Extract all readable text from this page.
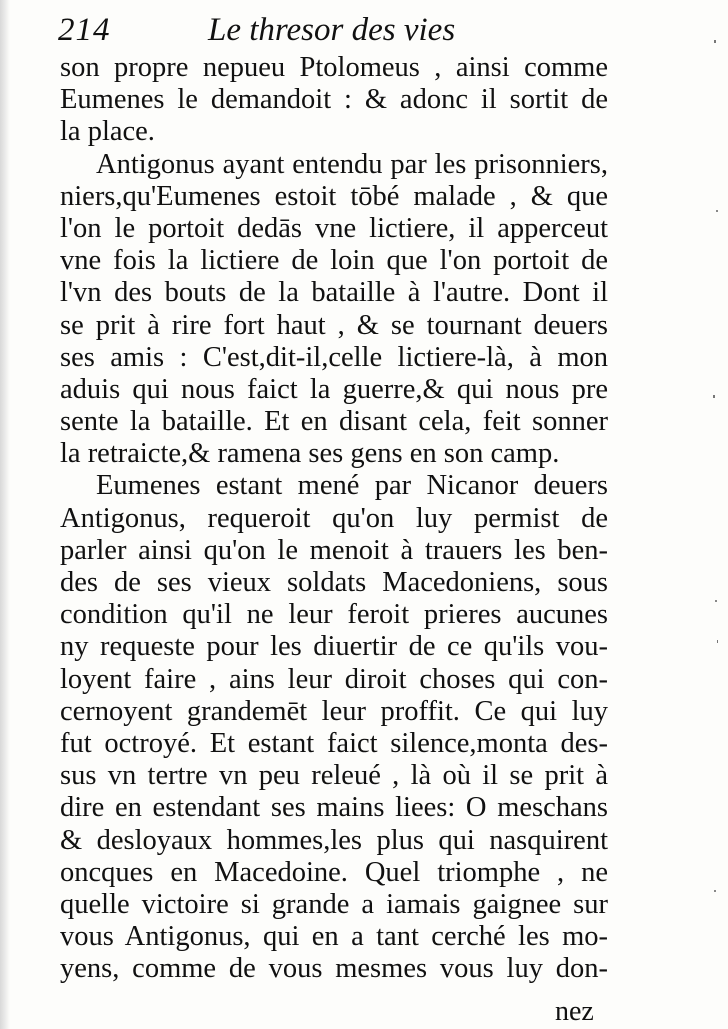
214	Le thresor des vies
son propre nepueu Ptolomeus , ainsi comme
Eumenes le demandoit : & adonc il sortit de
la place.
Antigonus ayant entendu par les prisonniers,
niers,qu'Eumenes estoit tōbé malade , & que
l'on le portoit dedās vne lictiere, il apperceut
vne fois la lictiere de loin que l'on portoit de
l'vn des bouts de la bataille à l'autre. Dont il
se prit à rire fort haut , & se tournant deuers
ses amis : C'est,dit-il,celle lictiere-là, à mon
aduis qui nous faict la guerre,& qui nous pre
sente la bataille. Et en disant cela, feit sonner
la retraicte,& ramena ses gens en son camp.
Eumenes estant mené par Nicanor deuers
Antigonus, requeroit qu'on luy permist de
parler ainsi qu'on le menoit à trauers les ben-
des de ses vieux soldats Macedoniens, sous
condition qu'il ne leur feroit prieres aucunes
ny requeste pour les diuertir de ce qu'ils vou-
loyent faire , ains leur diroit choses qui con-
cernoyent grandemēt leur proffit. Ce qui luy
fut octroyé. Et estant faict silence,monta des-
sus vn tertre vn peu releué , là où il se prit à
dire en estendant ses mains liees: O meschans
& desloyaux hommes,les plus qui nasquirent
oncques en Macedoine. Quel triomphe , ne
quelle victoire si grande a iamais gaignee sur
vous Antigonus, qui en a tant cerché les mo-
yens, comme de vous mesmes vous luy don-
nez
